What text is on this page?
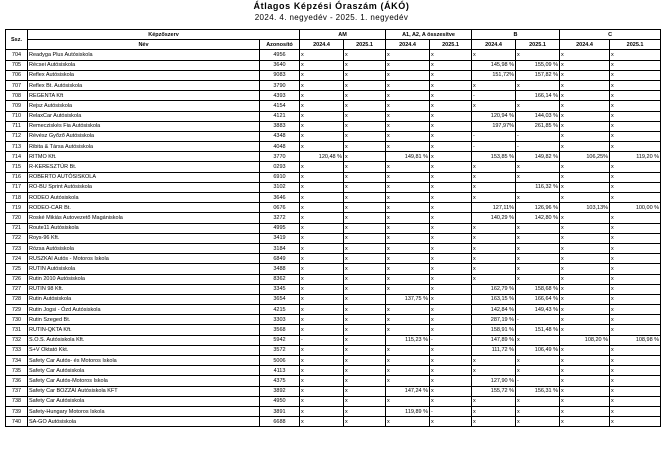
Átlagos Képzési Óraszám (ÁKÓ)
2024. 4. negyedév - 2025. 1. negyedév
Ssz.	Képzőszerv		AM		A1, A2, A összesítve		B		C	
	Név	Azonosító	2024.4	2025.1	2024.4	2025.1	2024.4	2025.1	2024.4	2025.1
704	Readyga Plus Autósiskola	4956	x	x	x	x	x	x	x	x
705	Récsei Autósiskola	3640	x	x	x	x	145,98 %	155,09 %	x	x
706	Reflex Autósiskola	9083	x	x	x	x	151,72%	157,82 %	x	x
707	Reflex Bt. Autósiskola	3790	x	x	x	x	x	x	x	x
708	REGENTA Kft	4393	x	x	x	x	-	166,14 %	x	x
709	Rejsz Autósiskola	4154	x	x	x	x	x	x	x	x
710	RelaxCar Autósiskola	4121	x	x	x	x	120,94 %	144,03 %	x	x
711	Remecziskés Fia Autósiskola	3883	x	x	x	x	197,97%	261,85 %	x	x
712	Révész Győző Autósiskola	4348	x	x	x	x	-	-	x	x
713	Ribita & Társa Autósiskola	4048	x	x	x	x	-	-	x	x
714	RITMO Kft.	3770	120,48 %	x	149,81 %	x	153,85 %	149,82 %	106,25%	119,20 %
715	R-KERESZTÚR Bt.	0293	x	x	x	x	x	x	x	x
716	ROBERTO AUTÓSISKOLA	6910	x	x	x	x	x	x	x	x
717	RO-BU Sprint Autósiskola	3102	x	x	x	x	x	116,32 %	x	x
718	RODEO Autósiskola	3646	x	x	x	x	x	x	x	x
719	RODEO-CAR Bt.	0676	x	x	x	x	127,11%	126,96 %	103,13%	100,00 %
720	Roské Mikiás Autovezető Magániskola	3272	x	x	x	x	140,29 %	142,80 %	x	x
721	Route11 Autósiskola	4995	x	x	x	x	x	x	x	x
722	Roys-96 Kft.	3419	x	x	x	x	x	x	x	x
723	Rózsa Autósiskola	3184	x	x	x	x	x	x	x	x
724	RUSZKAI Autós - Motoros Iskola	6849	x	x	x	x	x	x	x	x
725	RUTIN Autósiskola	3488	x	x	x	x	x	x	x	x
726	Rutin 2010 Autósiskola	8362	x	x	x	x	x	x	x	x
727	RUTIN 98 Kft.	3345	x	x	x	x	162,79 %	158,68 %	x	x
728	Rutin Autósiskola	3654	x	x	137,75 %	x	163,15 %	166,64 %	x	x
729	Rutin Jogsi - Ózd Autósiskola	4215	x	x	x	x	142,84 %	149,43 %	x	x
730	Rutin Szeged Bt.	3303	x	x	x	x	287,19 %	-	x	x
731	RUTIN-QKTA Kft.	3568	x	x	x	x	158,91 %	151,48 %	x	x
732	S.O.S. Autósiskola Kft.	5942	-	x	115,23 %	-	147,89 %	x	108,20 %	108,98 %
733	S+V Oktató Kkt.	3572	x	x	x	x	111,72 %	106,49 %	x	x
734	Safety Car Autós- és Motoros Iskola	5006	x	x	x	x	x	x	x	x
735	Safety Car Autósiskola	4113	x	x	x	x	x	x	x	x
736	Safety Car Autós-Motoros Iskola	4375	x	x	x	x	127,90 %	-	x	x
737	Safety Car BOZZAI Autósiskola KFT	3892	x	x	147,24 %	x	155,72 %	156,31 %	x	x
738	Safety Car Autósiskola	4950	x	x	x	x	x	x	x	x
739	Safety-Hungary Motoros Iskola	3891	x	x	119,89 %	-	x	x	x	x
740	SA-GO Autósiskola	6688	x	x	x	x	x	x	x	x
